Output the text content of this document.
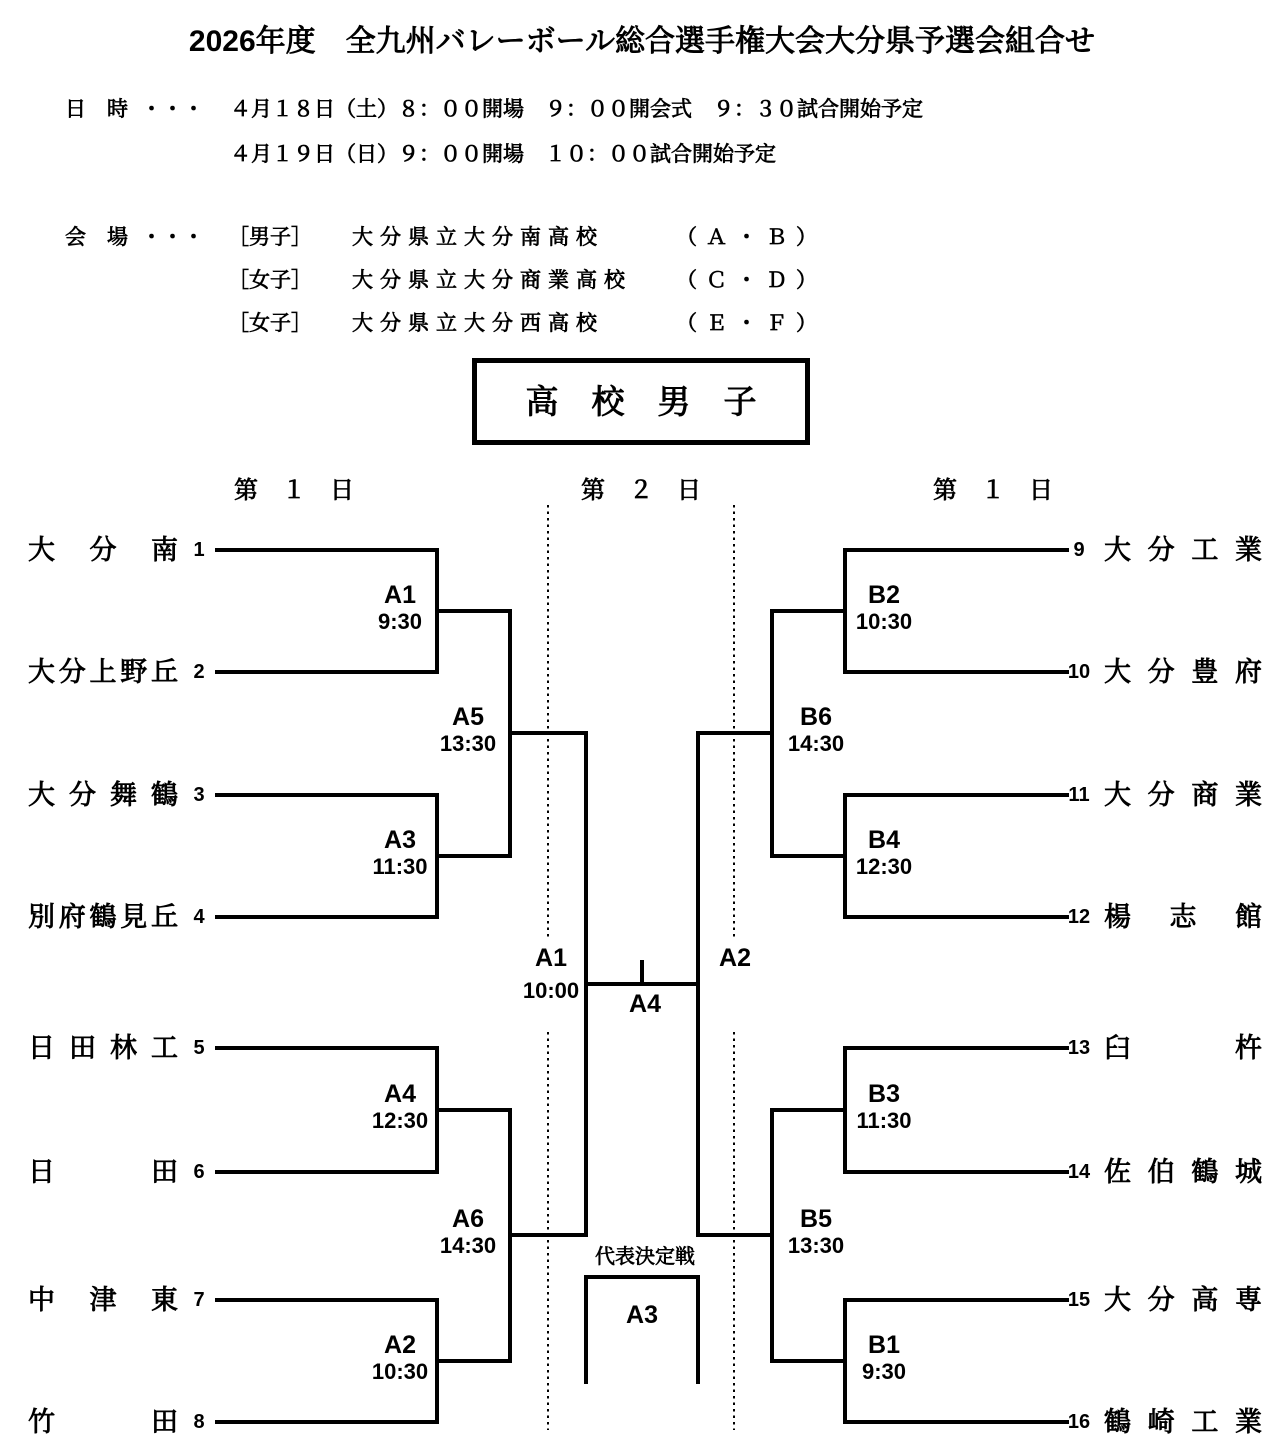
2026年度　全九州バレーボール総合選手権大会大分県予選会組合せ
日　時 ・・・ ４月１８日（土）８：００開場　９：００開会式　９：３０試合開始予定
４月１９日（日）９：００開場　１０：００試合開始予定
会　場 ・・・ ［男子］ 大分県立大分南高校	（Ａ・Ｂ）
［女子］ 大分県立大分商業高校 （Ｃ・Ｄ）
［女子］ 大分県立大分西高校	（Ｅ・Ｆ）
高　校　男　子
第　１　日	第　２　日	第　１　日
大分南 1
大分上野丘 2
大分舞鶴 3
別府鶴見丘 4
日田林工 5
日田 6
中津東 7
竹田 8
9 大分工業
10 大分豊府
11 大分商業
12 楊志館
13 臼杵
14 佐伯鶴城
15 大分高専
16 鶴崎工業
A1
9:30
A3
11:30
A4
12:30
A2
10:30
A5
13:30
A6
14:30
B2
10:30
B4
12:30
B3
11:30
B1
9:30
B6
14:30
B5
13:30
A1
10:00
A2
A4
代表決定戦
A3
